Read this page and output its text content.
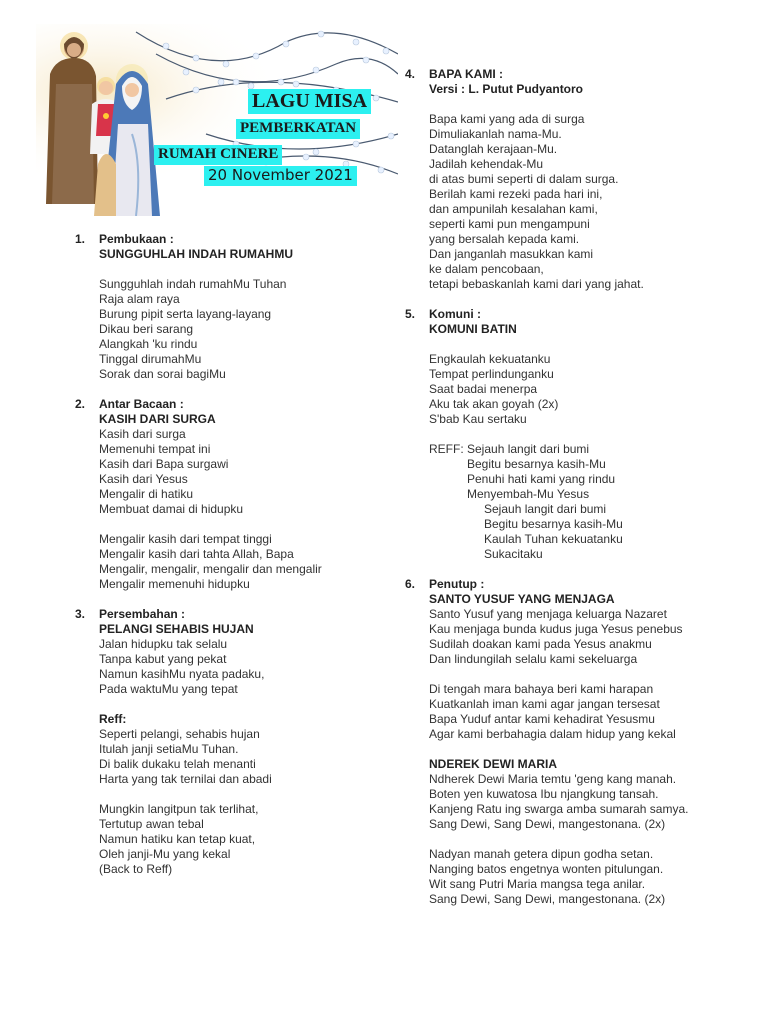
LAGU MISA
PEMBERKATAN
RUMAH CINERE
20 November 2021
1. Pembukaan :
SUNGGUHLAH INDAH RUMAHMU
Sungguhlah indah rumahMu Tuhan
Raja alam raya
Burung pipit serta layang-layang
Dikau beri sarang
Alangkah 'ku rindu
Tinggal dirumahMu
Sorak dan sorai bagiMu
2. Antar Bacaan :
KASIH DARI SURGA
Kasih dari surga
Memenuhi tempat ini
Kasih dari Bapa surgawi
Kasih dari Yesus
Mengalir di hatiku
Membuat damai di hidupku
Mengalir kasih dari tempat tinggi
Mengalir kasih dari tahta Allah, Bapa
Mengalir, mengalir, mengalir dan mengalir
Mengalir memenuhi hidupku
3. Persembahan :
PELANGI SEHABIS HUJAN
Jalan hidupku tak selalu
Tanpa kabut yang pekat
Namun kasihMu nyata padaku,
Pada waktuMu yang tepat
Reff:
Seperti pelangi, sehabis hujan
Itulah janji setiaMu Tuhan.
Di balik dukaku telah menanti
Harta yang tak ternilai dan abadi
Mungkin langitpun tak terlihat,
Tertutup awan tebal
Namun hatiku kan tetap kuat,
Oleh janji-Mu yang kekal
(Back to Reff)
4. BAPA KAMI :
Versi : L. Putut Pudyantoro
Bapa kami yang ada di surga
Dimuliakanlah nama-Mu.
Datanglah kerajaan-Mu.
Jadilah kehendak-Mu
di atas bumi seperti di dalam surga.
Berilah kami rezeki pada hari ini,
dan ampunilah kesalahan kami,
seperti kami pun mengampuni
yang bersalah kepada kami.
Dan janganlah masukkan kami
ke dalam pencobaan,
tetapi bebaskanlah kami dari yang jahat.
5. Komuni :
KOMUNI BATIN
Engkaulah kekuatanku
Tempat perlindunganku
Saat badai menerpa
Aku tak akan goyah (2x)
S'bab Kau sertaku
REFF: Sejauh langit dari bumi
Begitu besarnya kasih-Mu
Penuhi hati kami yang rindu
Menyembah-Mu Yesus
Sejauh langit dari bumi
Begitu besarnya kasih-Mu
Kaulah Tuhan kekuatanku
Sukacitaku
6. Penutup :
SANTO YUSUF YANG MENJAGA
Santo Yusuf yang menjaga keluarga Nazaret
Kau menjaga bunda kudus juga Yesus penebus
Sudilah doakan kami pada Yesus anakmu
Dan lindungilah selalu kami sekeluarga
Di tengah mara bahaya beri kami harapan
Kuatkanlah iman kami agar jangan tersesat
Bapa Yuduf antar kami kehadirat Yesusmu
Agar kami berbahagia dalam hidup yang kekal
NDEREK DEWI MARIA
Ndherek Dewi Maria temtu 'geng kang manah.
Boten yen kuwatosa Ibu njangkung tansah.
Kanjeng Ratu ing swarga amba sumarah samya.
Sang Dewi, Sang Dewi, mangestonana. (2x)
Nadyan manah getera dipun godha setan.
Nanging batos engetnya wonten pitulungan.
Wit sang Putri Maria mangsa tega anilar.
Sang Dewi, Sang Dewi, mangestonana. (2x)
